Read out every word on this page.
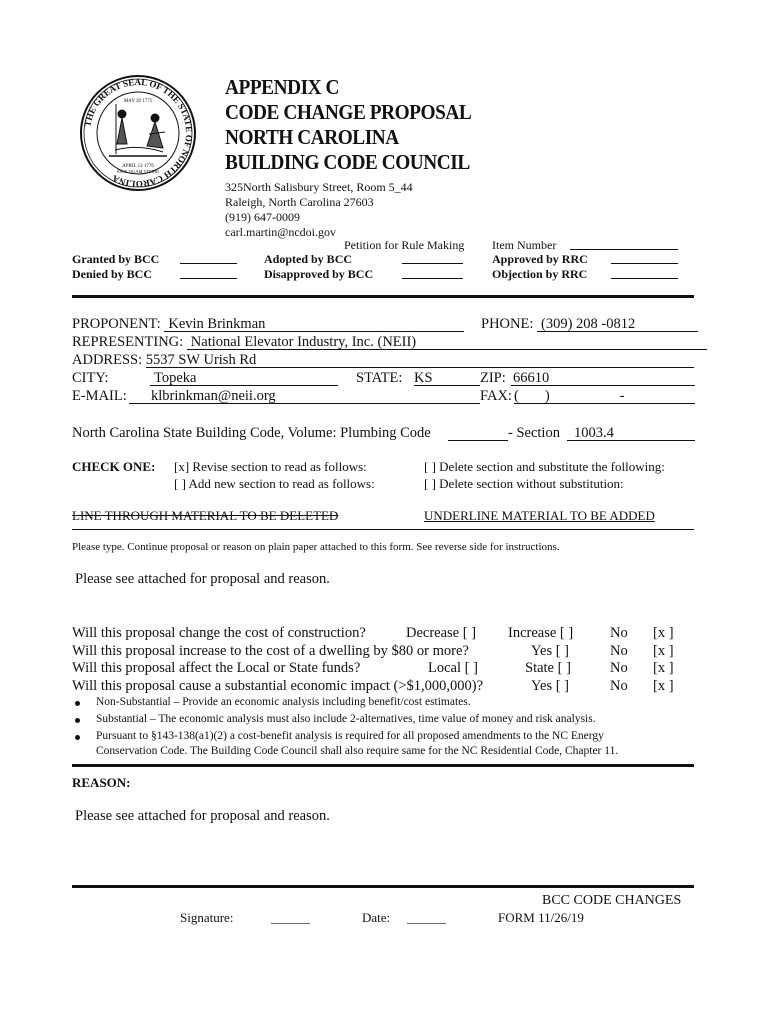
THE GREAT SEAL OF THE STATE OF NORTH CAROLINA
MAY 20 1775
APRIL 12 1776
ESSE QUAM VIDERI
APPENDIX C
CODE CHANGE PROPOSAL
NORTH CAROLINA
BUILDING CODE COUNCIL
325North Salisbury Street, Room 5_44
Raleigh, North Carolina 27603
(919) 647-0009
carl.martin@ncdoi.gov
Petition for Rule Making Item Number
Granted by BCC	Adopted by BCC	Approved by RRC
Denied by BCC	Disapproved by BCC	Objection by RRC
PROPONENT: Kevin Brinkman	PHONE: (309) 208 -0812
REPRESENTING: National Elevator Industry, Inc. (NEII)
ADDRESS: 5537 SW Urish Rd
CITY:	Topeka	STATE: KS	ZIP: 66610
E-MAIL:	klbrinkman@neii.org	FAX: ( )	-
North Carolina State Building Code, Volume: Plumbing Code	- Section 1003.4
CHECK ONE: [x] Revise section to read as follows:
[ ] Add new section to read as follows:
[ ] Delete section and substitute the following:
[ ] Delete section without substitution:
LINE THROUGH MATERIAL TO BE DELETED	UNDERLINE MATERIAL TO BE ADDED
Please type. Continue proposal or reason on plain paper attached to this form. See reverse side for instructions.
Please see attached for proposal and reason.
Will this proposal change the cost of construction?	Decrease [ ] Increase [ ]	No [x ]
Will this proposal increase to the cost of a dwelling by $80 or more?	Yes [ ]	No [x ]
Will this proposal affect the Local or State funds?	Local [ ]	State [ ]	No [x ]
Will this proposal cause a substantial economic impact (>$1,000,000)?	Yes [ ]	No [x ]
Non-Substantial – Provide an economic analysis including benefit/cost estimates.
Substantial – The economic analysis must also include 2-alternatives, time value of money and risk analysis.
Pursuant to §143-138(a1)(2) a cost-benefit analysis is required for all proposed amendments to the NC Energy
Conservation Code. The Building Code Council shall also require same for the NC Residential Code, Chapter 11.
REASON:
Please see attached for proposal and reason.
BCC CODE CHANGES
Signature:	______	Date: ______	FORM 11/26/19
